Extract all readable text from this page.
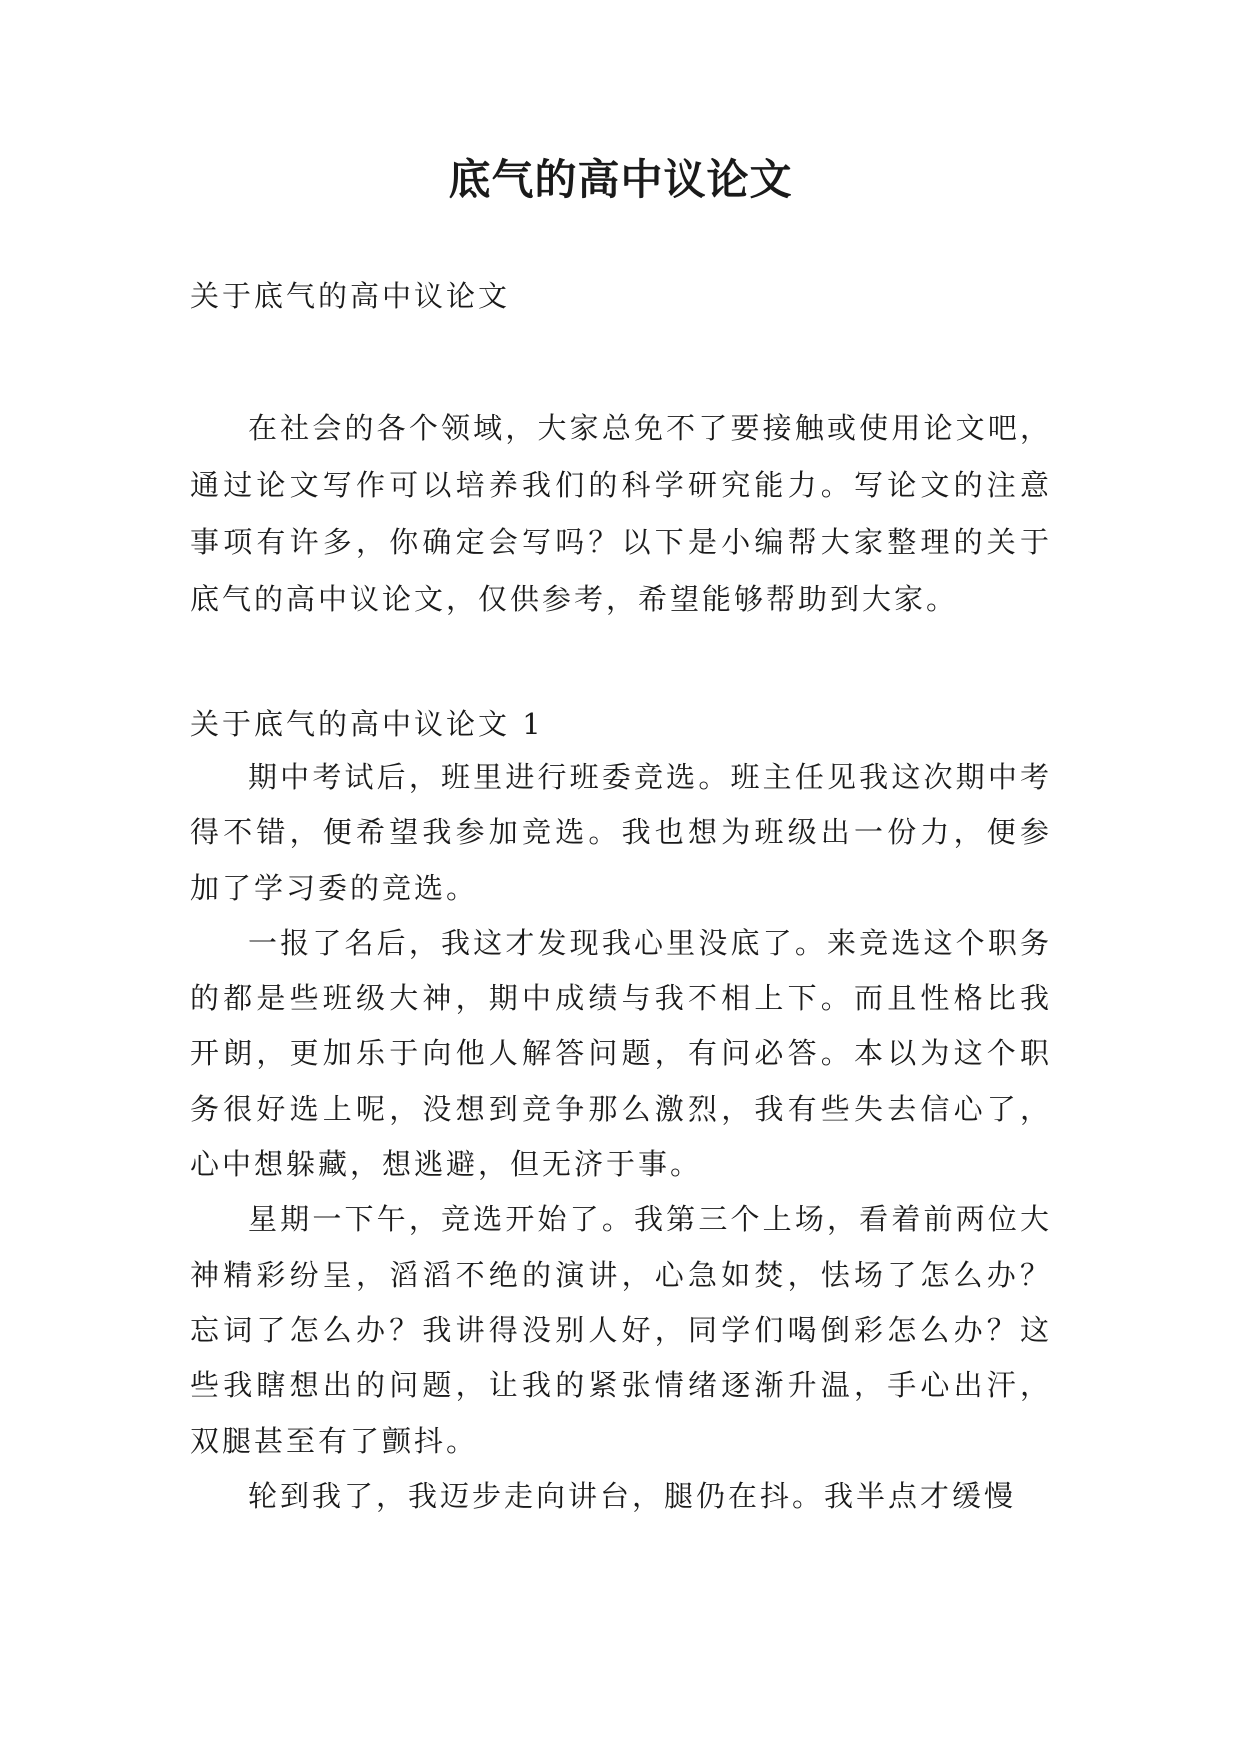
底气的高中议论文
关于底气的高中议论文

在社会的各个领域，大家总免不了要接触或使用论文吧，通过论文写作可以培养我们的科学研究能力。写论文的注意事项有许多，你确定会写吗？以下是小编帮大家整理的关于底气的高中议论文，仅供参考，希望能够帮助到大家。

关于底气的高中议论文 1

期中考试后，班里进行班委竞选。班主任见我这次期中考得不错，便希望我参加竞选。我也想为班级出一份力，便参加了学习委的竞选。

一报了名后，我这才发现我心里没底了。来竞选这个职务的都是些班级大神，期中成绩与我不相上下。而且性格比我开朗，更加乐于向他人解答问题，有问必答。本以为这个职务很好选上呢，没想到竞争那么激烈，我有些失去信心了，心中想躲藏，想逃避，但无济于事。

星期一下午，竞选开始了。我第三个上场，看着前两位大神精彩纷呈，滔滔不绝的演讲，心急如焚，怯场了怎么办？忘词了怎么办？我讲得没别人好，同学们喝倒彩怎么办？这些我瞎想出的问题，让我的紧张情绪逐渐升温，手心出汗，双腿甚至有了颤抖。

轮到我了，我迈步走向讲台，腿仍在抖。我半点才缓慢
